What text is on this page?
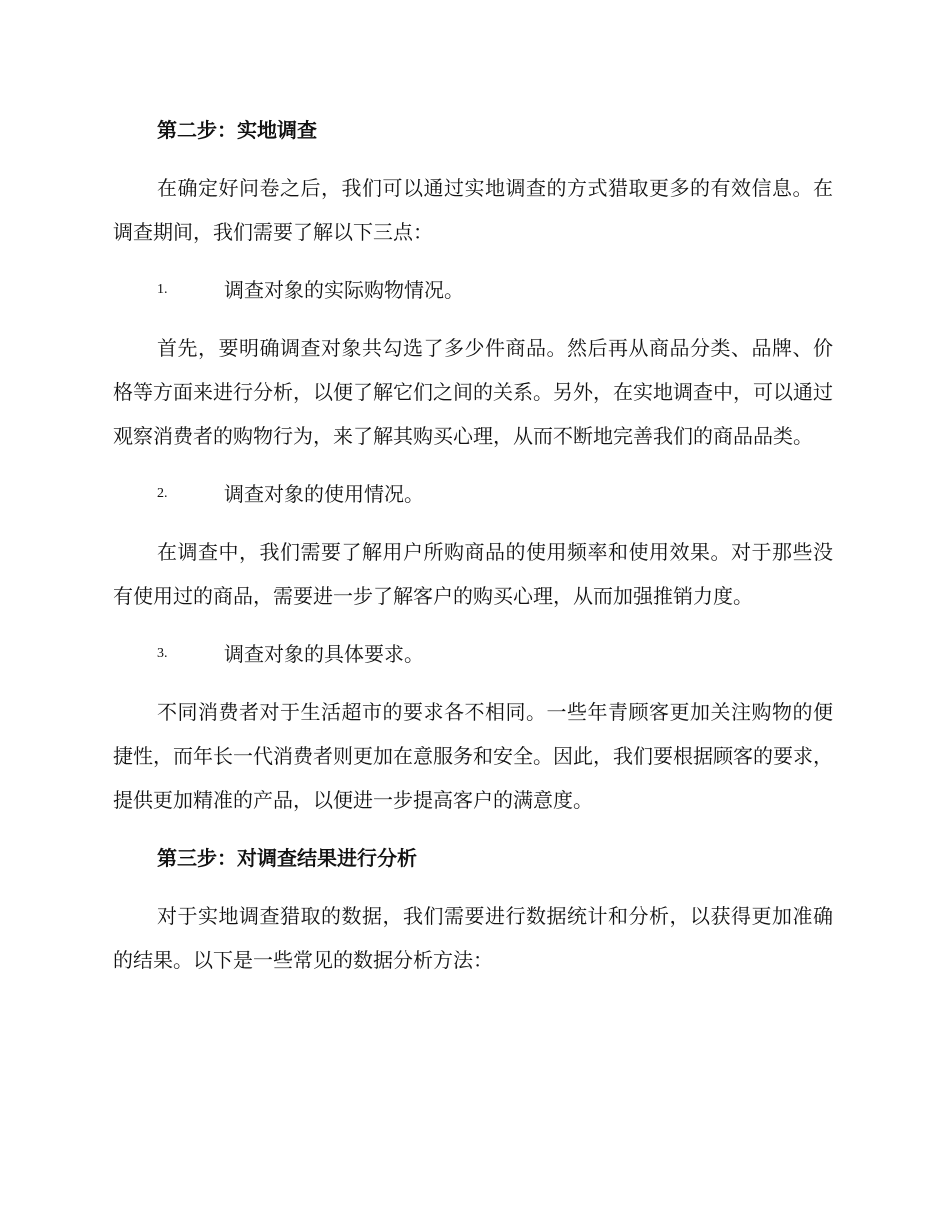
第二步：实地调查

在确定好问卷之后，我们可以通过实地调查的方式猎取更多的有效信息。在调查期间，我们需要了解以下三点：

1.	调查对象的实际购物情况。

首先，要明确调查对象共勾选了多少件商品。然后再从商品分类、品牌、价格等方面来进行分析，以便了解它们之间的关系。另外，在实地调查中，可以通过观察消费者的购物行为，来了解其购买心理，从而不断地完善我们的商品品类。

2.	调查对象的使用情况。

在调查中，我们需要了解用户所购商品的使用频率和使用效果。对于那些没有使用过的商品，需要进一步了解客户的购买心理，从而加强推销力度。

3.	调查对象的具体要求。

不同消费者对于生活超市的要求各不相同。一些年青顾客更加关注购物的便捷性，而年长一代消费者则更加在意服务和安全。因此，我们要根据顾客的要求，提供更加精准的产品，以便进一步提高客户的满意度。

第三步：对调查结果进行分析

对于实地调查猎取的数据，我们需要进行数据统计和分析，以获得更加准确的结果。以下是一些常见的数据分析方法：
